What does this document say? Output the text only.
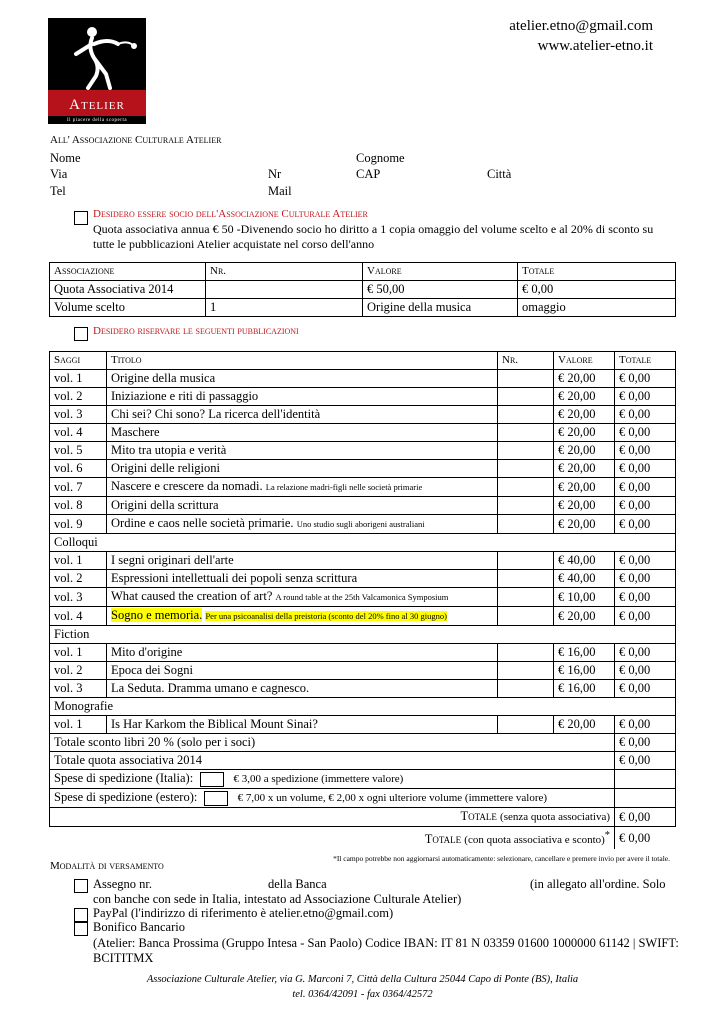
Atelier
Il piacere della scoperta
atelier.etno@gmail.com
www.atelier-etno.it
All' Associazione Culturale Atelier
Nome	Cognome
Via	Nr	CAP	Città
Tel	Mail
Desidero essere socio dell'Associazione Culturale Atelier
Quota associativa annua € 50 -Divenendo socio ho diritto a 1 copia omaggio del volume scelto e al 20% di sconto su
tutte le pubblicazioni Atelier acquistate nel corso dell'anno
Associazione	Nr.	Valore	Totale
Quota Associativa 2014		€ 50,00	€ 0,00
Volume scelto	1	Origine della musica	omaggio
Desidero riservare le seguenti pubblicazioni
Saggi	Titolo	Nr.	Valore	Totale
vol. 1	Origine della musica		€ 20,00	€ 0,00
vol. 2	Iniziazione e riti di passaggio		€ 20,00	€ 0,00
vol. 3	Chi sei? Chi sono? La ricerca dell'identità		€ 20,00	€ 0,00
vol. 4	Maschere		€ 20,00	€ 0,00
vol. 5	Mito tra utopia e verità		€ 20,00	€ 0,00
vol. 6	Origini delle religioni		€ 20,00	€ 0,00
vol. 7	Nascere e crescere da nomadi. La relazione madri-figli nelle società primarie		€ 20,00	€ 0,00
vol. 8	Origini della scrittura		€ 20,00	€ 0,00
vol. 9	Ordine e caos nelle società primarie. Uno studio sugli aborigeni australiani		€ 20,00	€ 0,00
Colloqui				
vol. 1	I segni originari dell'arte		€ 40,00	€ 0,00
vol. 2	Espressioni intellettuali dei popoli senza scrittura		€ 40,00	€ 0,00
vol. 3	What caused the creation of art? A round table at the 25th Valcamonica Symposium		€ 10,00	€ 0,00
vol. 4	Sogno e memoria. Per una psicoanalisi della preistoria (sconto del 20% fino al 30 giugno)		€ 20,00	€ 0,00
Fiction				
vol. 1	Mito d'origine		€ 16,00	€ 0,00
vol. 2	Epoca dei Sogni		€ 16,00	€ 0,00
vol. 3	La Seduta. Dramma umano e cagnesco.		€ 16,00	€ 0,00
Monografie				
vol. 1	Is Har Karkom the Biblical Mount Sinai?		€ 20,00	€ 0,00
Totale sconto libri 20 % (solo per i soci)				€ 0,00
Totale quota associativa 2014				€ 0,00
Spese di spedizione (Italia): € 3,00 a spedizione (immettere valore)				
Spese di spedizione (estero): € 7,00 x un volume, € 2,00 x ogni ulteriore volume (immettere valore)				
Totale (senza quota associativa)				€ 0,00
Totale (con quota associativa e sconto)*				€ 0,00
*Il campo potrebbe non aggiornarsi automaticamente: selezionare, cancellare e premere invio per avere il totale.
Modalità di versamento
Assegno nr.	della Banca	(in allegato all'ordine. Solo
con banche con sede in Italia, intestato ad Associazione Culturale Atelier)
PayPal (l'indirizzo di riferimento è atelier.etno@gmail.com)
Bonifico Bancario
(Atelier: Banca Prossima (Gruppo Intesa - San Paolo) Codice IBAN: IT 81 N 03359 01600 1000000 61142 | SWIFT:
BCITITMX
Associazione Culturale Atelier, via G. Marconi 7, Città della Cultura 25044 Capo di Ponte (BS), Italia
tel. 0364/42091 - fax 0364/42572
